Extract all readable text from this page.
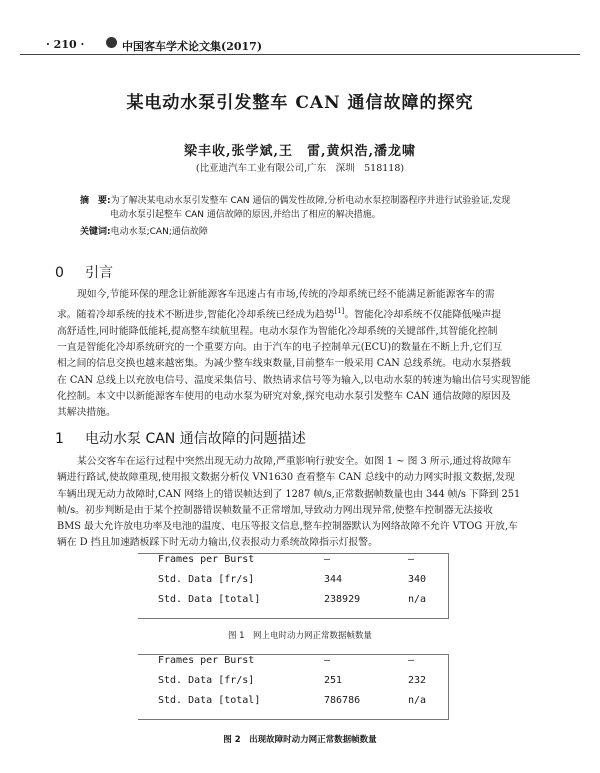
· 210 ·	中国客车学术论文集(2017)
某电动水泵引发整车 CAN 通信故障的探究
梁丰收,张学斌,王　雷,黄炽浩,潘龙啸
(比亚迪汽车工业有限公司,广东　深圳　518118)
摘　要:为了解决某电动水泵引发整车 CAN 通信的偶发性故障,分析电动水泵控制器程序并进行试验验证,发现
电动水泵引起整车 CAN 通信故障的原因,并给出了相应的解决措施。
关键词:电动水泵;CAN;通信故障
0 引言
现如今,节能环保的理念让新能源客车迅速占有市场,传统的冷却系统已经不能满足新能源客车的需
求。随着冷却系统的技术不断进步,智能化冷却系统已经成为趋势[1]。智能化冷却系统不仅能降低噪声提
高舒适性,同时能降低能耗,提高整车续航里程。电动水泵作为智能化冷却系统的关键部件,其智能化控制
一直是智能化冷却系统研究的一个重要方向。由于汽车的电子控制单元(ECU)的数量在不断上升,它们互
相之间的信息交换也越来越密集。为减少整车线束数量,目前整车一般采用 CAN 总线系统。电动水泵搭载
在 CAN 总线上以充放电信号、温度采集信号、散热请求信号等为输入,以电动水泵的转速为输出信号实现智能
化控制。本文中以新能源客车使用的电动水泵为研究对象,探究电动水泵引发整车 CAN 通信故障的原因及
其解决措施。
1 电动水泵 CAN 通信故障的问题描述
某公交客车在运行过程中突然出现无动力故障,严重影响行驶安全。如图 1 ~ 图 3 所示,通过将故障车
辆进行路试,使故障重现,使用报文数据分析仪 VN1630 查看整车 CAN 总线中的动力网实时报文数据,发现
车辆出现无动力故障时,CAN 网络上的错误帧达到了 1287 帧/s,正常数据帧数量也由 344 帧/s 下降到 251
帧/s。初步判断是由于某个控制器错误帧数量不正常增加,导致动力网出现异常,使整车控制器无法接收
BMS 最大允许放电功率及电池的温度、电压等报文信息,整车控制器默认为网络故障不允许 VTOG 开放,车
辆在 D 挡且加速踏板踩下时无动力输出,仪表报动力系统故障指示灯报警。
Frames per Burst	–	–
Std. Data [fr/s]	344	340
Std. Data [total]	238929	n/a
图 1　网上电时动力网正常数据帧数量
Frames per Burst	–	–
Std. Data [fr/s]	251	232
Std. Data [total]	786786	n/a
图 2　出现故障时动力网正常数据帧数量
